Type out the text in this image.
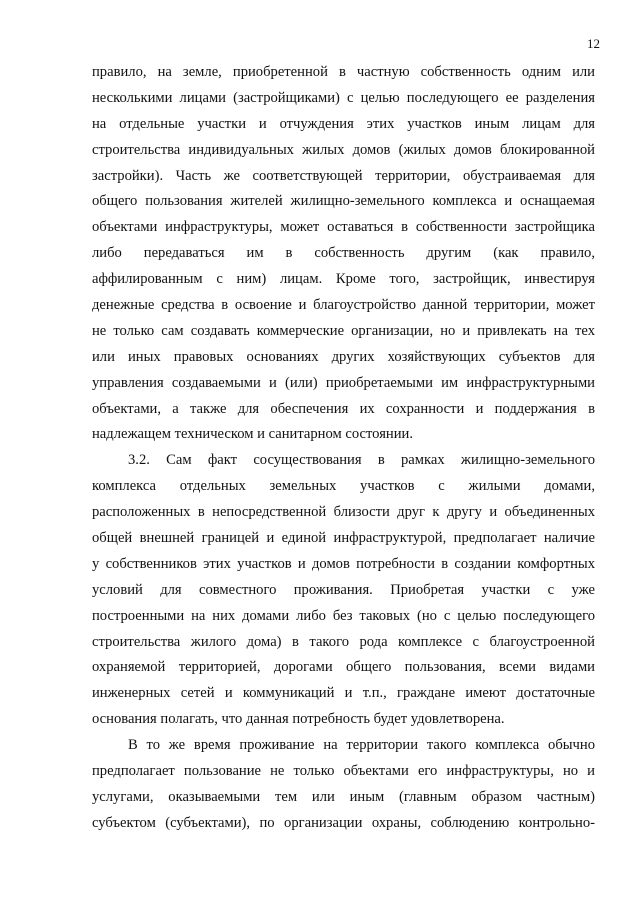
12
правило, на земле, приобретенной в частную собственность одним или
несколькими лицами (застройщиками) с целью последующего ее разделения
на отдельные участки и отчуждения этих участков иным лицам для
строительства индивидуальных жилых домов (жилых домов блокированной
застройки). Часть же соответствующей территории, обустраиваемая для
общего пользования жителей жилищно-земельного комплекса и оснащаемая
объектами инфраструктуры, может оставаться в собственности застройщика
либо передаваться им в собственность другим (как правило,
аффилированным с ним) лицам. Кроме того, застройщик, инвестируя
денежные средства в освоение и благоустройство данной территории, может
не только сам создавать коммерческие организации, но и привлекать на тех
или иных правовых основаниях других хозяйствующих субъектов для
управления создаваемыми и (или) приобретаемыми им инфраструктурными
объектами, а также для обеспечения их сохранности и поддержания в
надлежащем техническом и санитарном состоянии.
3.2. Сам факт сосуществования в рамках жилищно-земельного
комплекса отдельных земельных участков с жилыми домами,
расположенных в непосредственной близости друг к другу и объединенных
общей внешней границей и единой инфраструктурой, предполагает наличие
у собственников этих участков и домов потребности в создании комфортных
условий для совместного проживания. Приобретая участки с уже
построенными на них домами либо без таковых (но с целью последующего
строительства жилого дома) в такого рода комплексе с благоустроенной
охраняемой территорией, дорогами общего пользования, всеми видами
инженерных сетей и коммуникаций и т.п., граждане имеют достаточные
основания полагать, что данная потребность будет удовлетворена.
В то же время проживание на территории такого комплекса обычно
предполагает пользование не только объектами его инфраструктуры, но и
услугами, оказываемыми тем или иным (главным образом частным)
субъектом (субъектами), по организации охраны, соблюдению контрольно-
